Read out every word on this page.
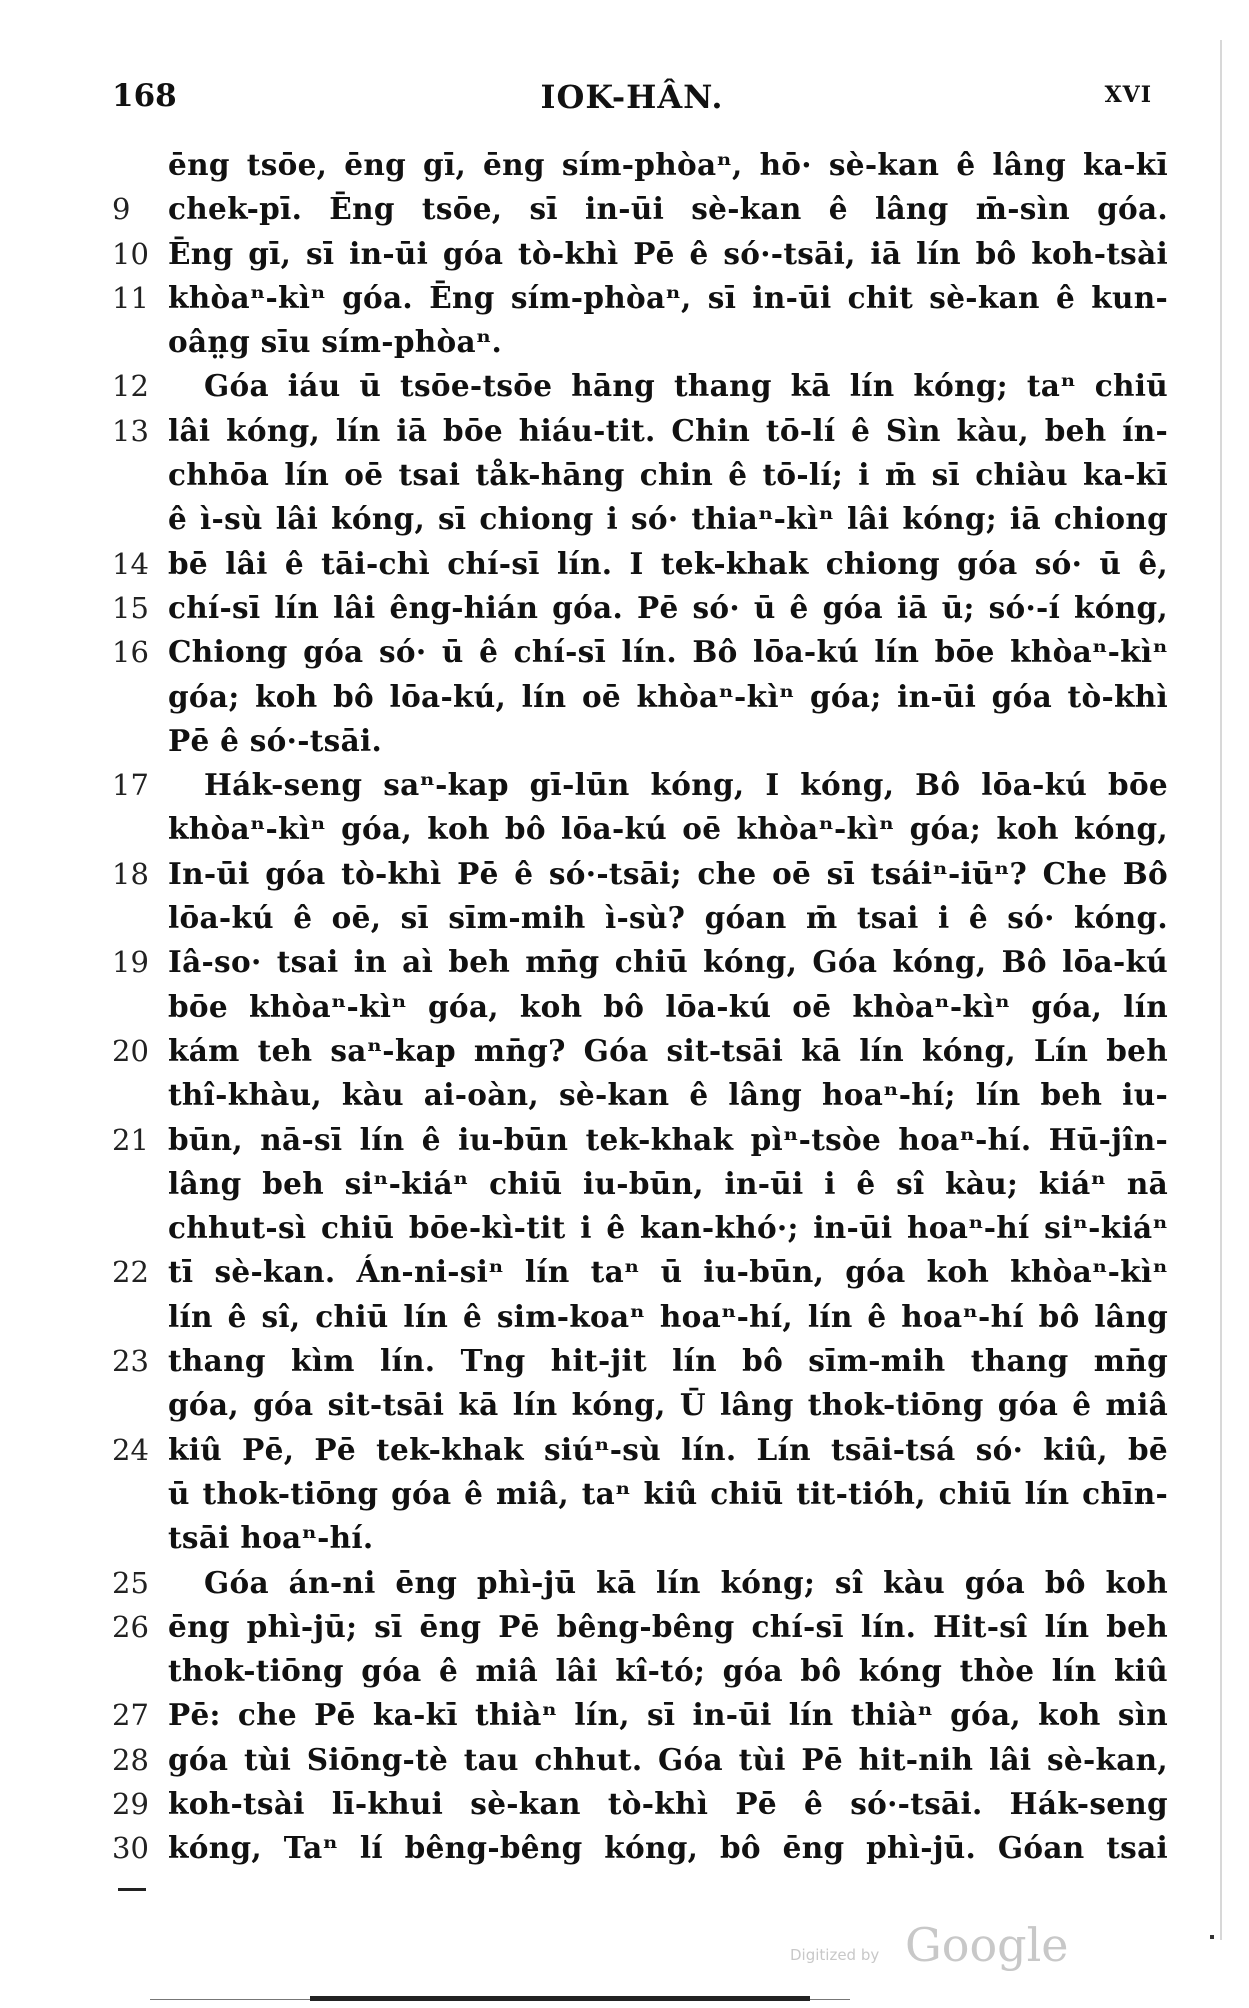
168	IOK-HÂN.	XVI
ēng tsōe, ēng gī, ēng sím-phòaⁿ, hō· sè-kan ê lâng ka-kī
9	chek-pī. Ēng tsōe, sī in-ūi sè-kan ê lâng m̄-sìn góa.
10 Ēng gī, sī in-ūi góa tò-khì Pē ê só·-tsāi, iā lín bô koh-tsài
11 khòaⁿ-kìⁿ góa. Ēng sím-phòaⁿ, sī in-ūi chit sè-kan ê kun-
oân̤g sīu sím-phòaⁿ.
12	Góa iáu ū tsōe-tsōe hāng thang kā lín kóng; taⁿ chiū
13 lâi kóng, lín iā bōe hiáu-tit. Chin tō-lí ê Sìn kàu, beh ín-
chhōa lín oē tsai tåk-hāng chin ê tō-lí; i m̄ sī chiàu ka-kī
ê ì-sù lâi kóng, sī chiong i só· thiaⁿ-kìⁿ lâi kóng; iā chiong
14 bē lâi ê tāi-chì chí-sī lín. I tek-khak chiong góa só· ū ê,
15 chí-sī lín lâi êng-hián góa. Pē só· ū ê góa iā ū; só·-í kóng,
16 Chiong góa só· ū ê chí-sī lín. Bô lōa-kú lín bōe khòaⁿ-kìⁿ
góa; koh bô lōa-kú, lín oē khòaⁿ-kìⁿ góa; in-ūi góa tò-khì
Pē ê só·-tsāi.
17	Hák-seng saⁿ-kap gī-lūn kóng, I kóng, Bô lōa-kú bōe
khòaⁿ-kìⁿ góa, koh bô lōa-kú oē khòaⁿ-kìⁿ góa; koh kóng,
18 In-ūi góa tò-khì Pē ê só·-tsāi; che oē sī tsáiⁿ-iūⁿ? Che Bô
lōa-kú ê oē, sī sīm-mih ì-sù? góan m̄ tsai i ê só· kóng.
19 Iâ-so· tsai in aì beh mn̄g chiū kóng, Góa kóng, Bô lōa-kú
bōe khòaⁿ-kìⁿ góa, koh bô lōa-kú oē khòaⁿ-kìⁿ góa, lín
20 kám teh saⁿ-kap mn̄g? Góa sit-tsāi kā lín kóng, Lín beh
thî-khàu, kàu ai-oàn, sè-kan ê lâng hoaⁿ-hí; lín beh iu-
21 būn, nā-sī lín ê iu-būn tek-khak pìⁿ-tsòe hoaⁿ-hí. Hū-jîn-
lâng beh siⁿ-kiáⁿ chiū iu-būn, in-ūi i ê sî kàu; kiáⁿ nā
chhut-sì chiū bōe-kì-tit i ê kan-khó·; in-ūi hoaⁿ-hí siⁿ-kiáⁿ
22 tī sè-kan. Án-ni-siⁿ lín taⁿ ū iu-būn, góa koh khòaⁿ-kìⁿ
lín ê sî, chiū lín ê sim-koaⁿ hoaⁿ-hí, lín ê hoaⁿ-hí bô lâng
23 thang kìm lín. Tng hit-jit lín bô sīm-mih thang mn̄g
góa, góa sit-tsāi kā lín kóng, Ū lâng thok-tiōng góa ê miâ
24 kiû Pē, Pē tek-khak siúⁿ-sù lín. Lín tsāi-tsá só· kiû, bē
ū thok-tiōng góa ê miâ, taⁿ kiû chiū tit-tióh, chiū lín chīn-
tsāi hoaⁿ-hí.
25	Góa án-ni ēng phì-jū kā lín kóng; sî kàu góa bô koh
26 ēng phì-jū; sī ēng Pē bêng-bêng chí-sī lín. Hit-sî lín beh
thok-tiōng góa ê miâ lâi kî-tó; góa bô kóng thòe lín kiû
27 Pē: che Pē ka-kī thiàⁿ lín, sī in-ūi lín thiàⁿ góa, koh sìn
28 góa tùi Siōng-tè tau chhut. Góa tùi Pē hit-nih lâi sè-kan,
29 koh-tsài lī-khui sè-kan tò-khì Pē ê só·-tsāi. Hák-seng
30 kóng, Taⁿ lí bêng-bêng kóng, bô ēng phì-jū. Góan tsai
Digitized by Google
